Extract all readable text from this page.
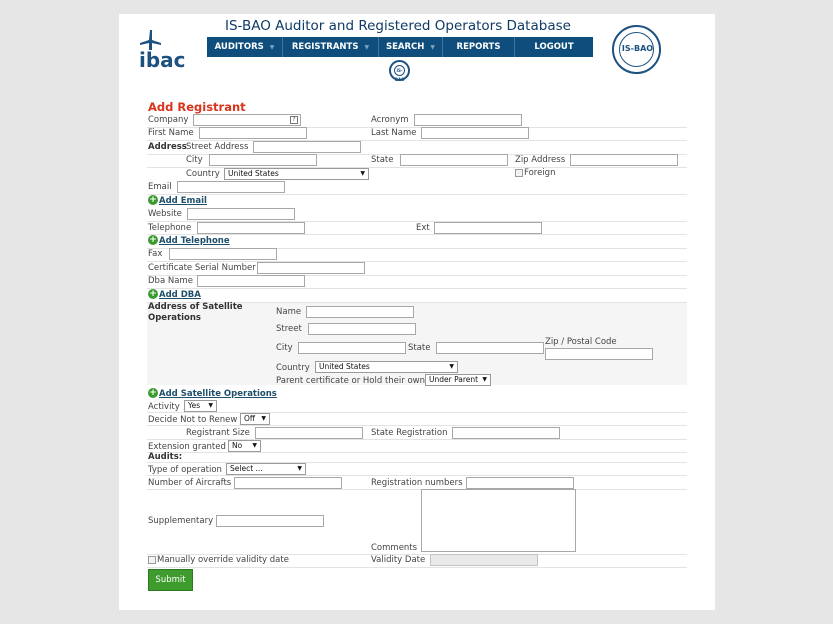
ibac
IS-BAO Auditor and Registered Operators Database
AUDITORS ▼	REGISTRANTS ▼	SEARCH ▼	REPORTS	LOGOUT
IS-BAO
IS-BAO
Add Registrant
Company	?	Acronym
First Name	Last Name
Address Street Address
City	State	Zip Address
Country	United States	▼	Foreign
Email
+ Add Email
Website
Telephone	Ext
+ Add Telephone
Fax
Certificate Serial Number
Dba Name
+ Add DBA
Address of Satellite Operations
Name
Street
City	State
Zip / Postal Code
Country	United States	▼
Parent certificate or Hold their own Under Parent ▼
+ Add Satellite Operations
Activity	Yes ▼
Decide Not to Renew Off ▼
Registrant Size	State Registration
Extension granted No ▼
Audits:
Type of operation	Select ...	▼
Number of Aircrafts	Registration numbers
Supplementary
Comments
Manually override validity date	Validity Date
Submit
